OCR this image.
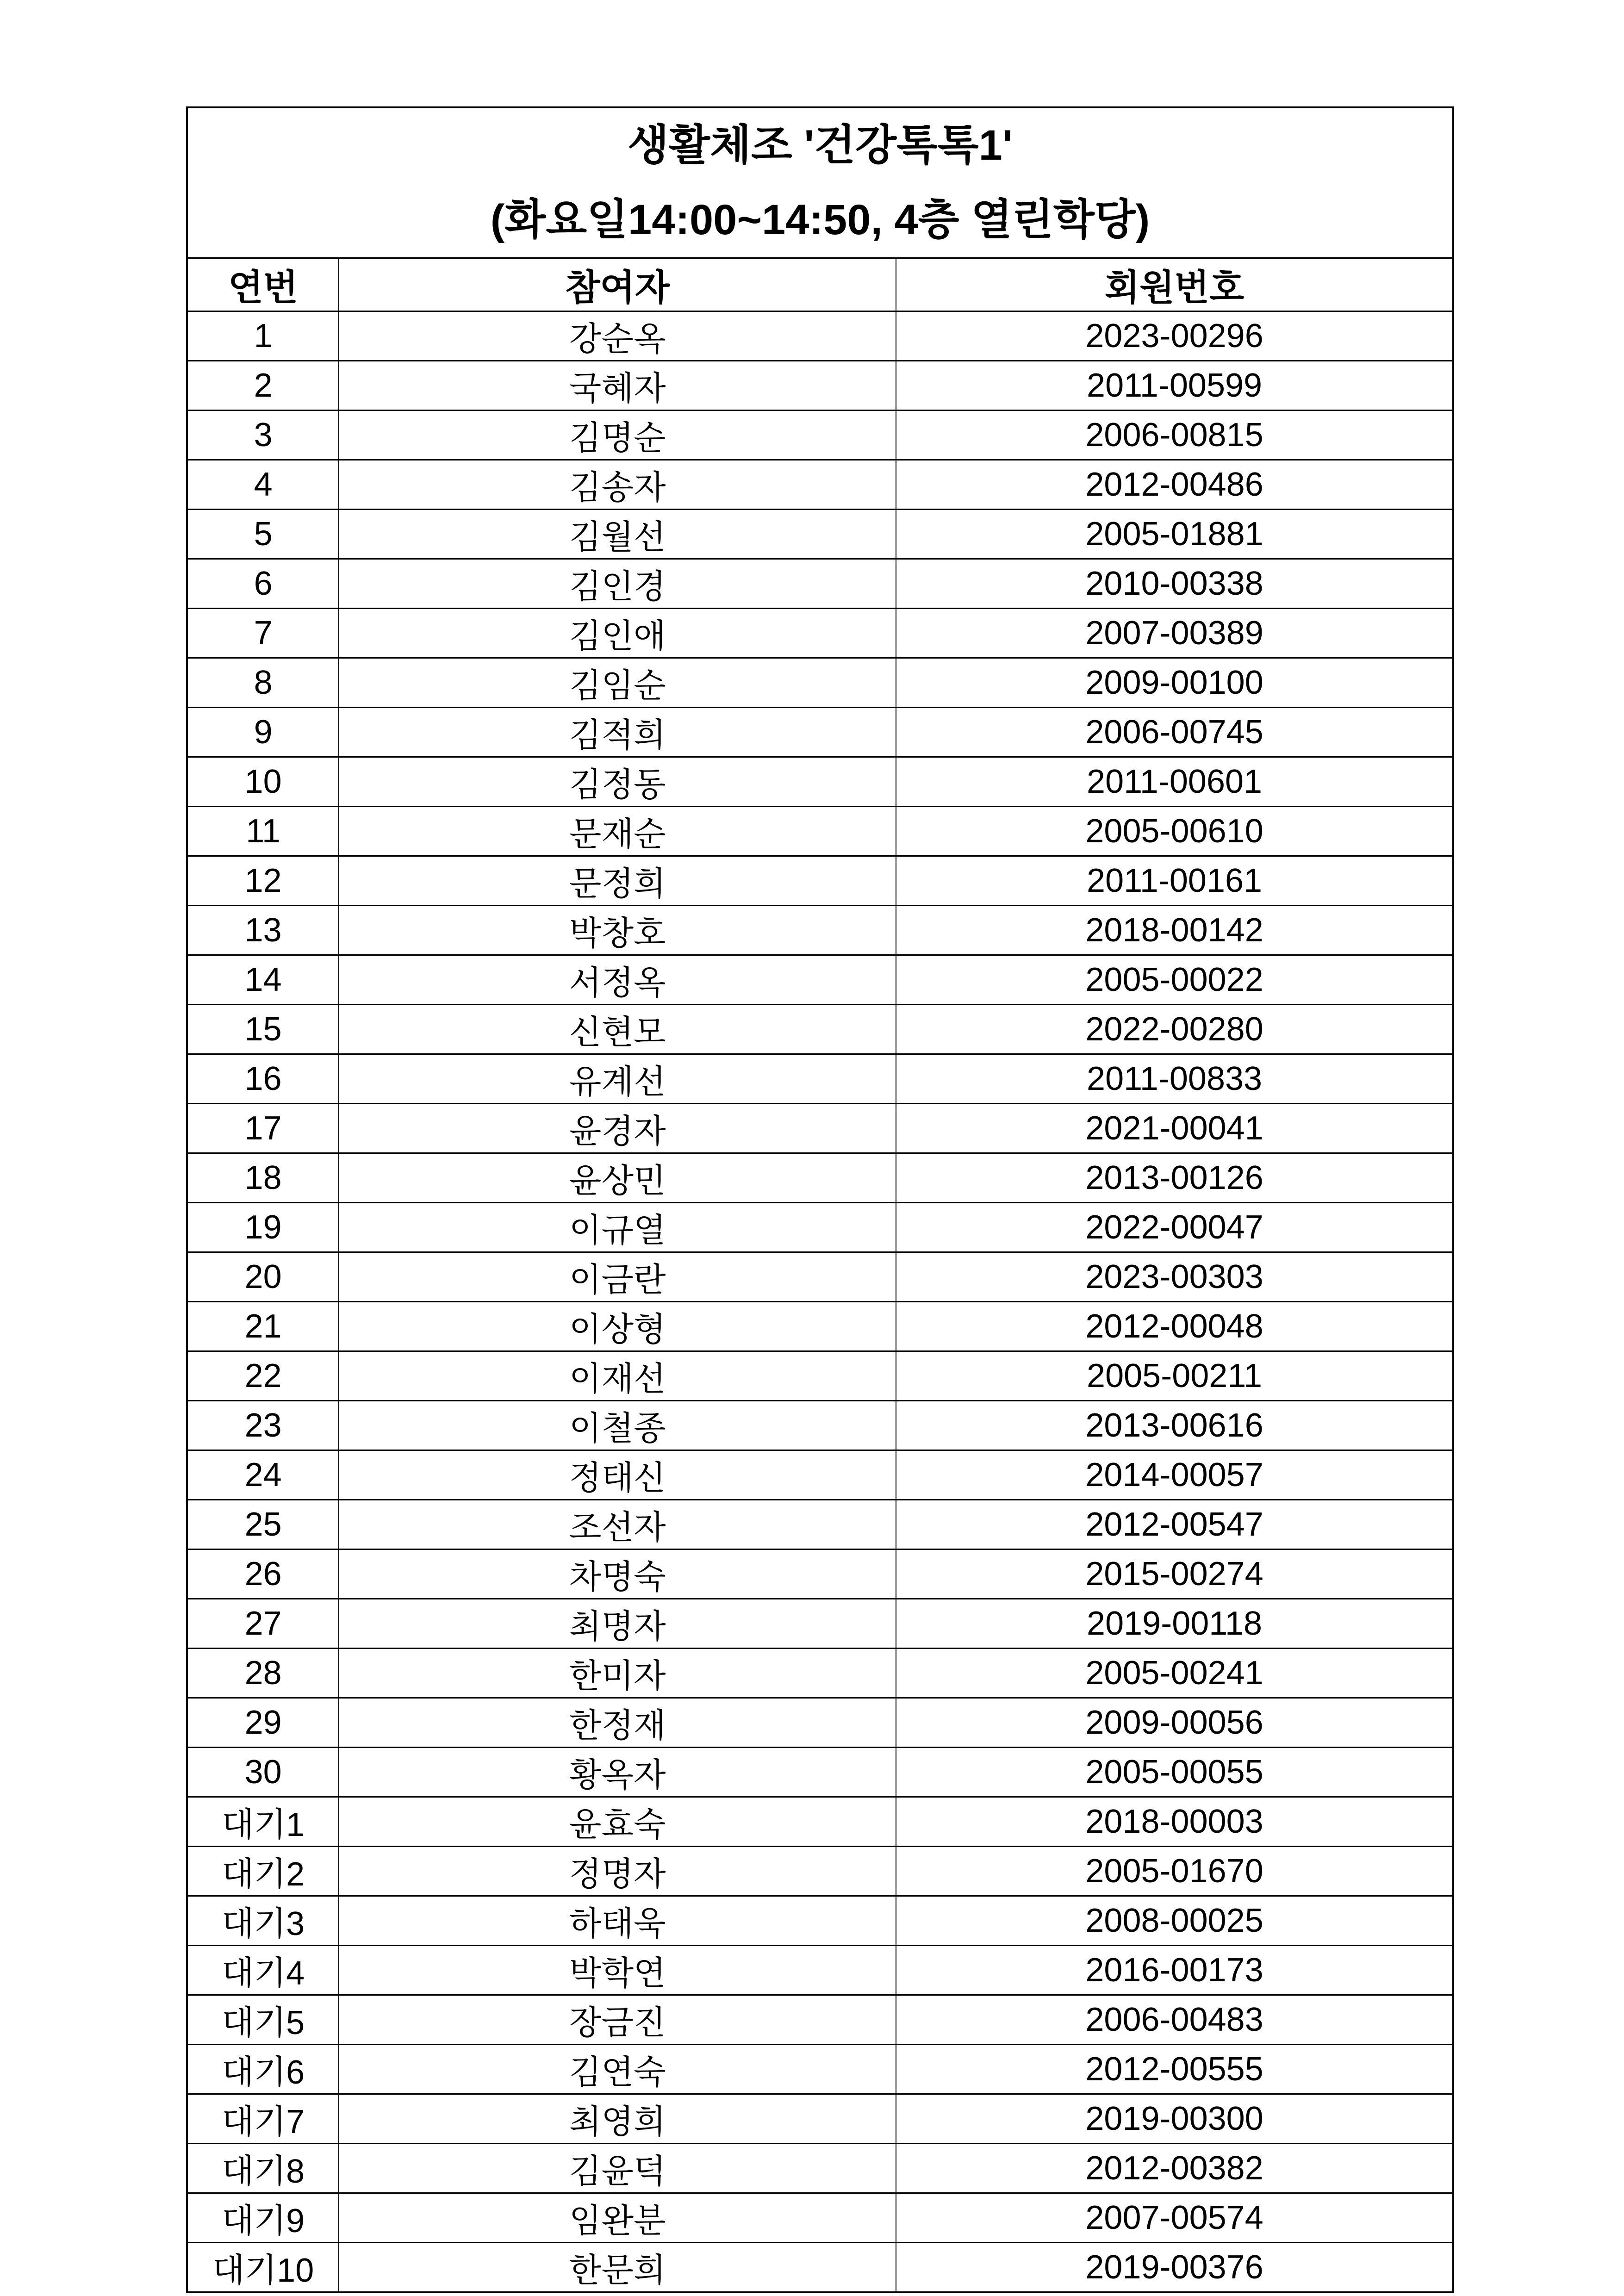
생활체조 '건강톡톡1'
(화요일14:00~14:50, 4층 열린학당)		

연번	참여자	회원번호
1	강순옥	2023-00296
2	국혜자	2011-00599
3	김명순	2006-00815
4	김송자	2012-00486
5	김월선	2005-01881
6	김인경	2010-00338
7	김인애	2007-00389
8	김임순	2009-00100
9	김적희	2006-00745
10	김정동	2011-00601
11	문재순	2005-00610
12	문정희	2011-00161
13	박창호	2018-00142
14	서정옥	2005-00022
15	신현모	2022-00280
16	유계선	2011-00833
17	윤경자	2021-00041
18	윤상민	2013-00126
19	이규열	2022-00047
20	이금란	2023-00303
21	이상형	2012-00048
22	이재선	2005-00211
23	이철종	2013-00616
24	정태신	2014-00057
25	조선자	2012-00547
26	차명숙	2015-00274
27	최명자	2019-00118
28	한미자	2005-00241
29	한정재	2009-00056
30	황옥자	2005-00055
대기1	윤효숙	2018-00003
대기2	정명자	2005-01670
대기3	하태욱	2008-00025
대기4	박학연	2016-00173
대기5	장금진	2006-00483
대기6	김연숙	2012-00555
대기7	최영희	2019-00300
대기8	김윤덕	2012-00382
대기9	임완분	2007-00574
대기10	한문희	2019-00376
